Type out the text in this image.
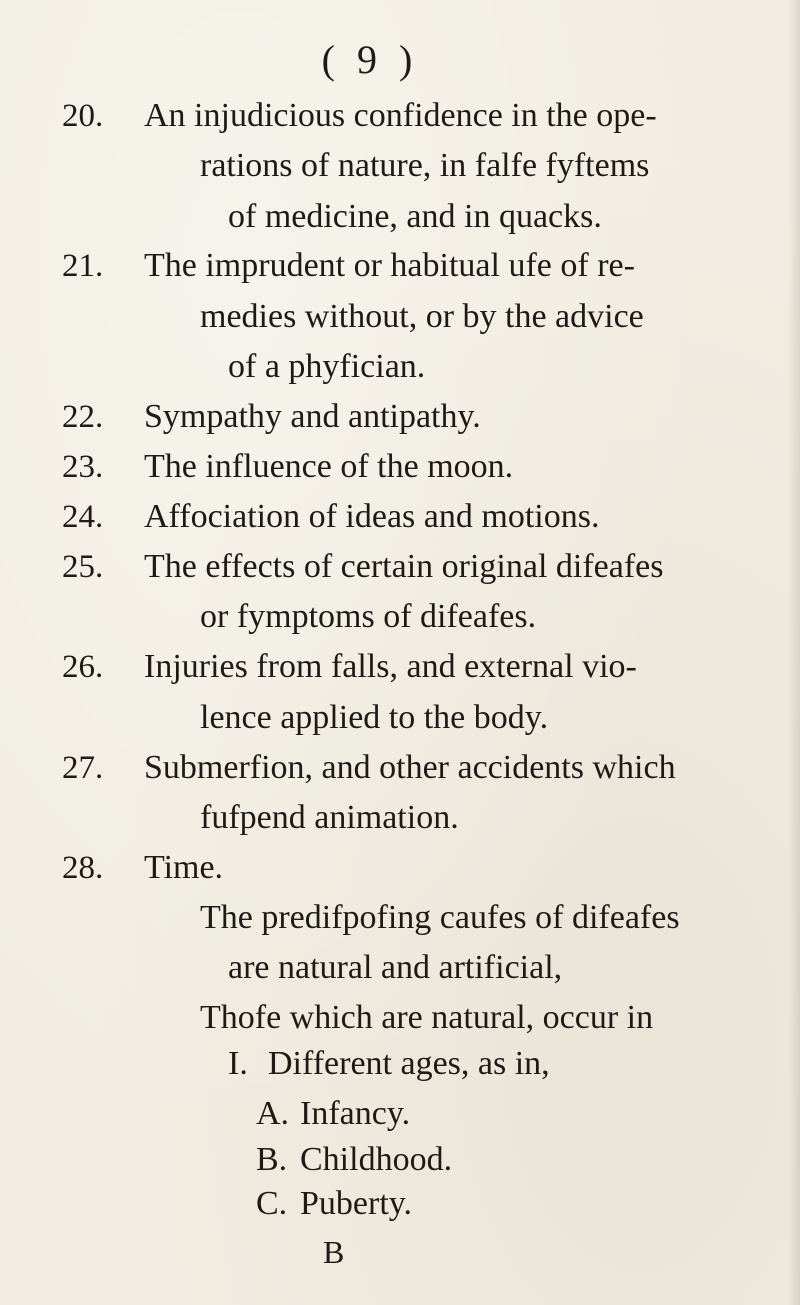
( 9 )
20. An injudicious confidence in the ope-
rations of nature, in falfe fyftems
of medicine, and in quacks.
21. The imprudent or habitual ufe of re-
medies without, or by the advice
of a phyfician.
22. Sympathy and antipathy.
23. The influence of the moon.
24. Affociation of ideas and motions.
25. The effects of certain original difeafes
or fymptoms of difeafes.
26. Injuries from falls, and external vio-
lence applied to the body.
27. Submerfion, and other accidents which
fufpend animation.
28. Time.
The predifpofing caufes of difeafes
are natural and artificial,
Thofe which are natural, occur in
I. Different ages, as in,
A. Infancy.
B. Childhood.
C. Puberty.
B
